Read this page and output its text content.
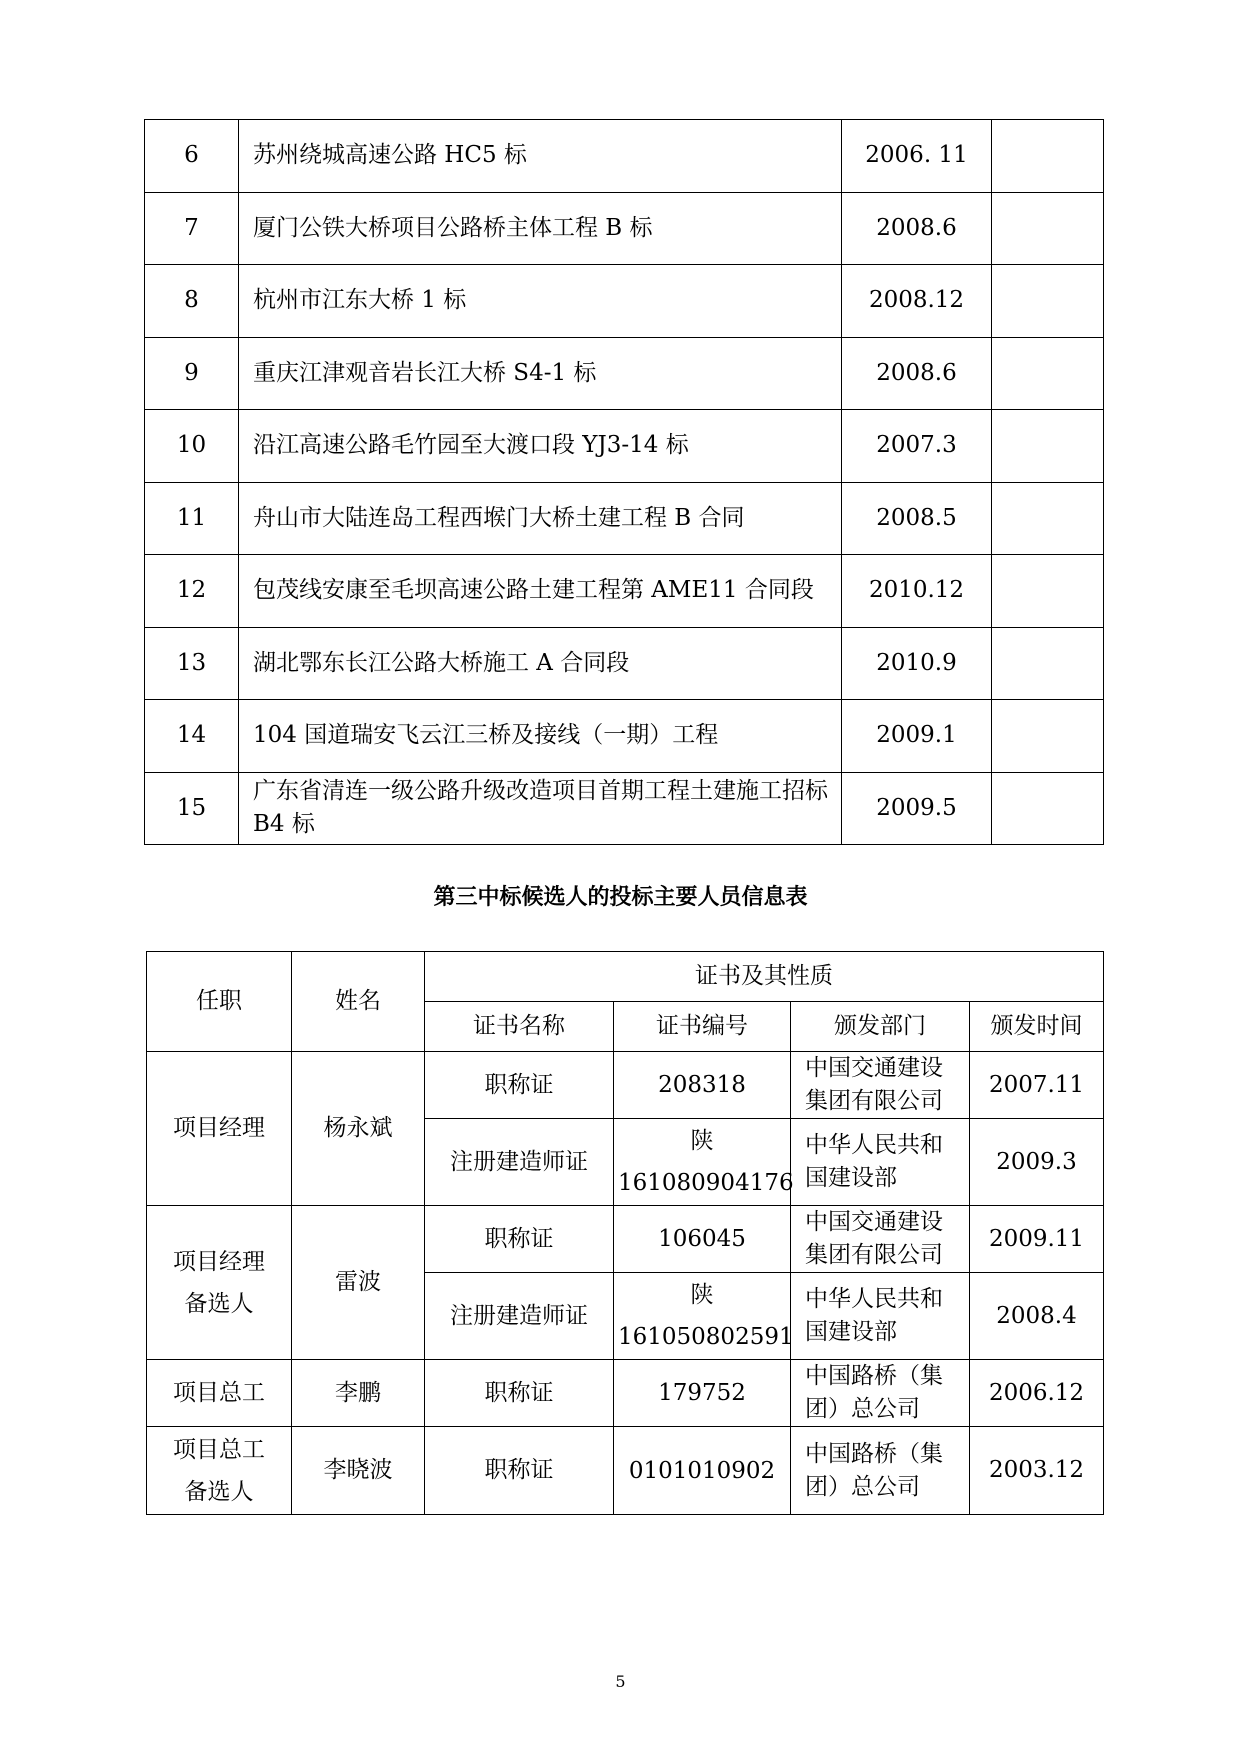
6	苏州绕城高速公路 HC5 标	2006. 11	
7	厦门公铁大桥项目公路桥主体工程 B 标	2008.6	
8	杭州市江东大桥 1 标	2008.12	
9	重庆江津观音岩长江大桥 S4-1 标	2008.6	
10	沿江高速公路毛竹园至大渡口段 YJ3-14 标	2007.3	
11	舟山市大陆连岛工程西堠门大桥土建工程 B 合同	2008.5	
12	包茂线安康至毛坝高速公路土建工程第 AME11 合同段	2010.12	
13	湖北鄂东长江公路大桥施工 A 合同段	2010.9	
14	104 国道瑞安飞云江三桥及接线（一期）工程	2009.1	
15	广东省清连一级公路升级改造项目首期工程土建施工招标 B4 标	2009.5	
第三中标候选人的投标主要人员信息表
任职	姓名	证书及其性质			
		证书名称	证书编号	颁发部门	颁发时间
项目经理	杨永斌	职称证	208318	中国交通建设集团有限公司	2007.11
		注册建造师证	陕 161080904176	中华人民共和国建设部	2009.3
项目经理备选人	雷波	职称证	106045	中国交通建设集团有限公司	2009.11
		注册建造师证	陕 161050802591	中华人民共和国建设部	2008.4
项目总工	李鹏	职称证	179752	中国路桥（集团）总公司	2006.12
项目总工备选人	李晓波	职称证	0101010902	中国路桥（集团）总公司	2003.12
5
